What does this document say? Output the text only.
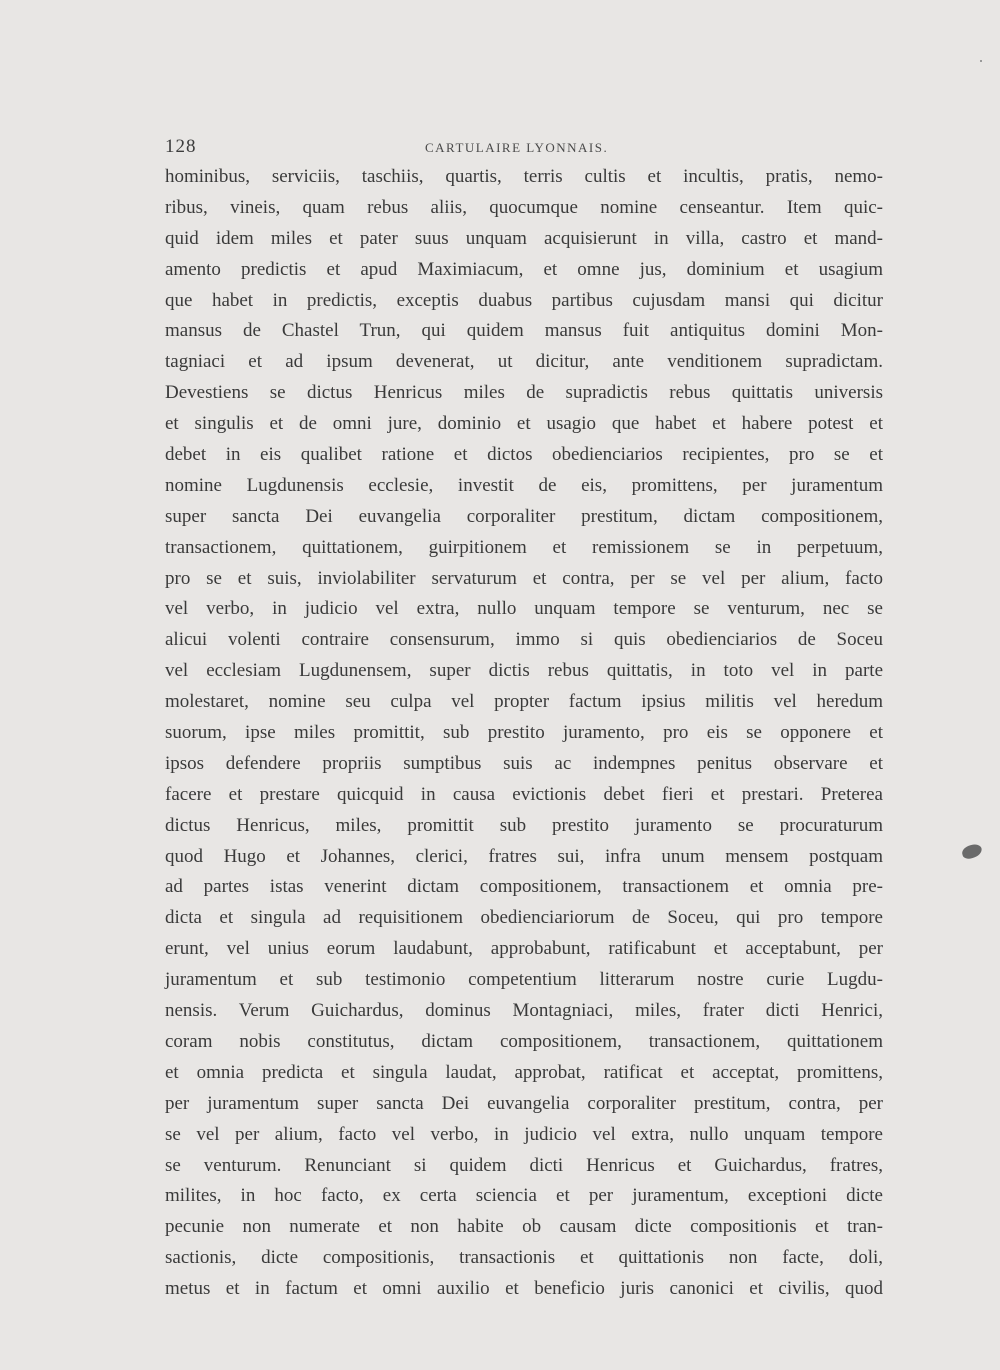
128	CARTULAIRE LYONNAIS.
hominibus, serviciis, taschiis, quartis, terris cultis et incultis, pratis, nemo-
ribus, vineis, quam rebus aliis, quocumque nomine censeantur. Item quic-
quid idem miles et pater suus unquam acquisierunt in villa, castro et mand-
amento predictis et apud Maximiacum, et omne jus, dominium et usagium
que habet in predictis, exceptis duabus partibus cujusdam mansi qui dicitur
mansus de Chastel Trun, qui quidem mansus fuit antiquitus domini Mon-
tagniaci et ad ipsum devenerat, ut dicitur, ante venditionem supradictam.
Devestiens se dictus Henricus miles de supradictis rebus quittatis universis
et singulis et de omni jure, dominio et usagio que habet et habere potest et
debet in eis qualibet ratione et dictos obedienciarios recipientes, pro se et
nomine Lugdunensis ecclesie, investit de eis, promittens, per juramentum
super sancta Dei euvangelia corporaliter prestitum, dictam compositionem,
transactionem, quittationem, guirpitionem et remissionem se in perpetuum,
pro se et suis, inviolabiliter servaturum et contra, per se vel per alium, facto
vel verbo, in judicio vel extra, nullo unquam tempore se venturum, nec se
alicui volenti contraire consensurum, immo si quis obedienciarios de Soceu
vel ecclesiam Lugdunensem, super dictis rebus quittatis, in toto vel in parte
molestaret, nomine seu culpa vel propter factum ipsius militis vel heredum
suorum, ipse miles promittit, sub prestito juramento, pro eis se opponere et
ipsos defendere propriis sumptibus suis ac indempnes penitus observare et
facere et prestare quicquid in causa evictionis debet fieri et prestari. Preterea
dictus Henricus, miles, promittit sub prestito juramento se procuraturum
quod Hugo et Johannes, clerici, fratres sui, infra unum mensem postquam
ad partes istas venerint dictam compositionem, transactionem et omnia pre-
dicta et singula ad requisitionem obedienciariorum de Soceu, qui pro tempore
erunt, vel unius eorum laudabunt, approbabunt, ratificabunt et acceptabunt, per
juramentum et sub testimonio competentium litterarum nostre curie Lugdu-
nensis. Verum Guichardus, dominus Montagniaci, miles, frater dicti Henrici,
coram nobis constitutus, dictam compositionem, transactionem, quittationem
et omnia predicta et singula laudat, approbat, ratificat et acceptat, promittens,
per juramentum super sancta Dei euvangelia corporaliter prestitum, contra, per
se vel per alium, facto vel verbo, in judicio vel extra, nullo unquam tempore
se venturum. Renunciant si quidem dicti Henricus et Guichardus, fratres,
milites, in hoc facto, ex certa sciencia et per juramentum, exceptioni dicte
pecunie non numerate et non habite ob causam dicte compositionis et tran-
sactionis, dicte compositionis, transactionis et quittationis non facte, doli,
metus et in factum et omni auxilio et beneficio juris canonici et civilis, quod
